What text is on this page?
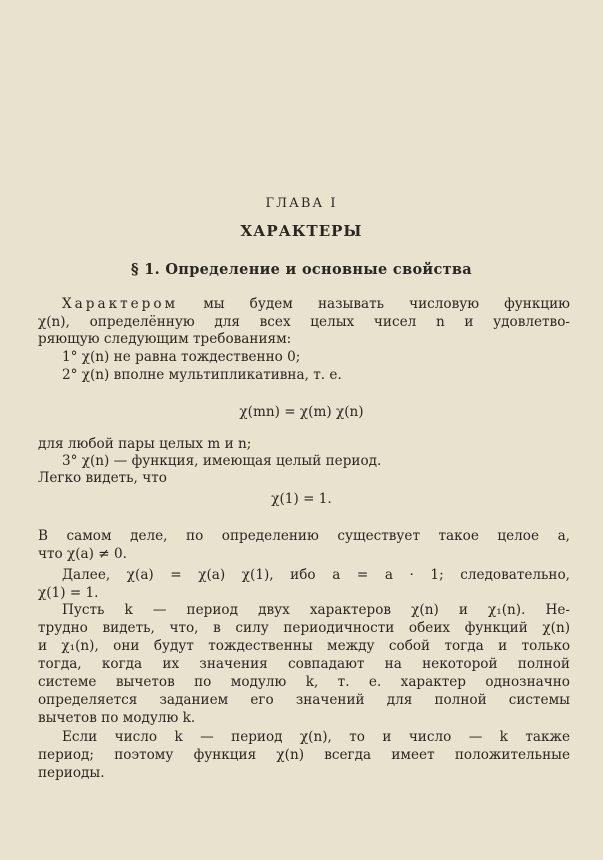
ГЛАВА I
ХАРАКТЕРЫ
§ 1. Определение и основные свойства
Характером мы будем называть числовую функцию
χ(n), определённую для всех целых чисел n и удовлетво-
ряющую следующим требованиям:
1° χ(n) не равна тождественно 0;
2° χ(n) вполне мультипликативна, т. е.
χ(mn) = χ(m) χ(n)
для любой пары целых m и n;
3° χ(n) — функция, имеющая целый период.
Легко видеть, что
χ(1) = 1.
В самом деле, по определению существует такое целое a,
что χ(a) ≠ 0.
Далее, χ(a) = χ(a) χ(1), ибо a = a · 1; следовательно,
χ(1) = 1.
Пусть k — период двух характеров χ(n) и χ₁(n). Не-
трудно видеть, что, в силу периодичности обеих функций χ(n)
и χ₁(n), они будут тождественны между собой тогда и только
тогда, когда их значения совпадают на некоторой полной
системе вычетов по модулю k, т. е. характер однозначно
определяется заданием его значений для полной системы
вычетов по модулю k.
Если число k — период χ(n), то и число — k также
период; поэтому функция χ(n) всегда имеет положительные
периоды.
